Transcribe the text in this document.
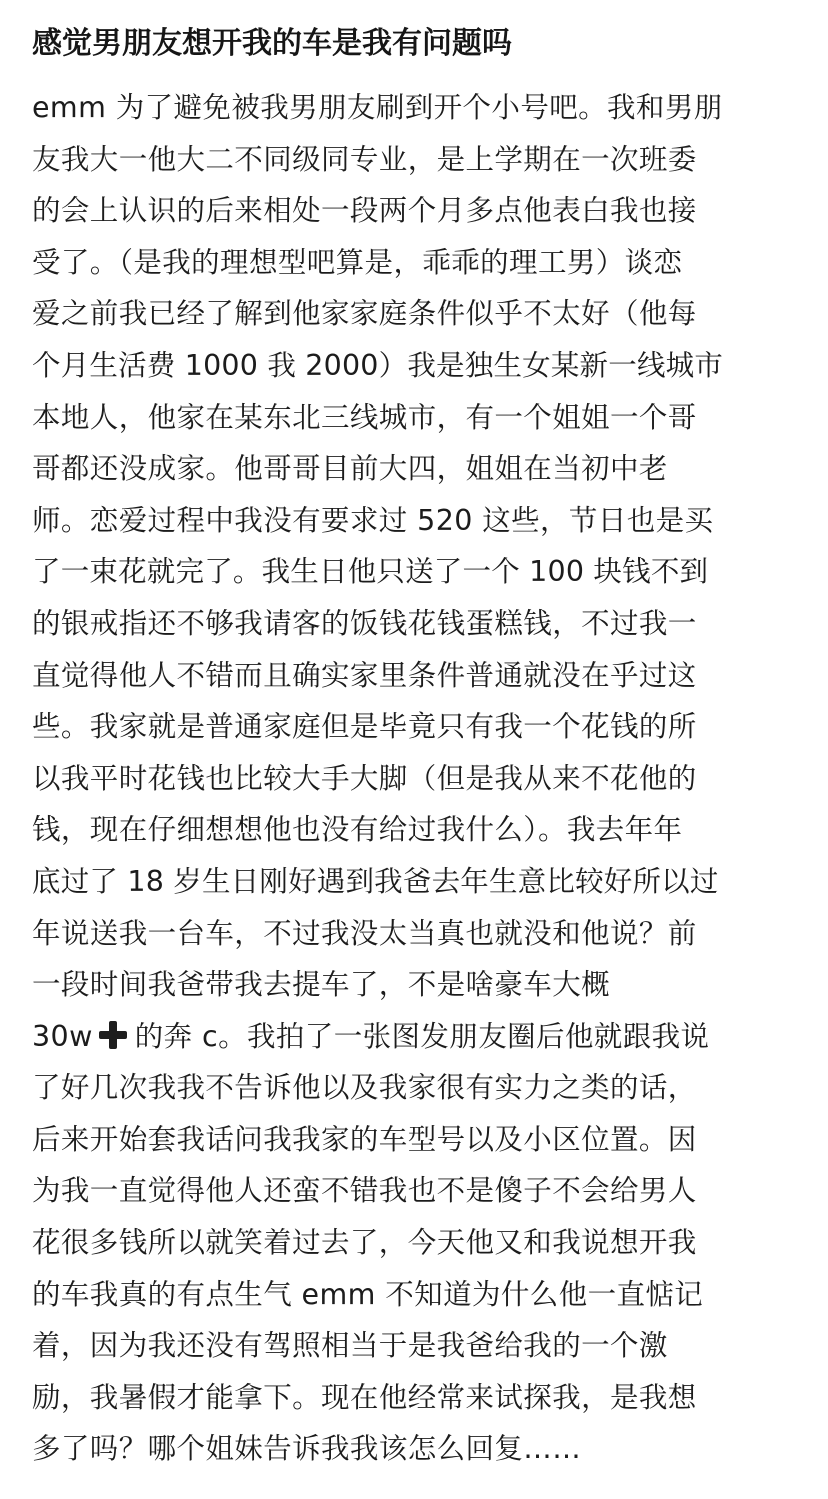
感觉男朋友想开我的车是我有问题吗
emm 为了避免被我男朋友刷到开个小号吧。我和男朋
友我大一他大二不同级同专业，是上学期在一次班委
的会上认识的后来相处一段两个月多点他表白我也接
受了。（是我的理想型吧算是，乖乖的理工男）谈恋
爱之前我已经了解到他家家庭条件似乎不太好（他每
个月生活费 1000 我 2000）我是独生女某新一线城市
本地人，他家在某东北三线城市，有一个姐姐一个哥
哥都还没成家。他哥哥目前大四，姐姐在当初中老
师。恋爱过程中我没有要求过 520 这些，节日也是买
了一束花就完了。我生日他只送了一个 100 块钱不到
的银戒指还不够我请客的饭钱花钱蛋糕钱，不过我一
直觉得他人不错而且确实家里条件普通就没在乎过这
些。我家就是普通家庭但是毕竟只有我一个花钱的所
以我平时花钱也比较大手大脚（但是我从来不花他的
钱，现在仔细想想他也没有给过我什么）。我去年年
底过了 18 岁生日刚好遇到我爸去年生意比较好所以过
年说送我一台车，不过我没太当真也就没和他说？前
一段时间我爸带我去提车了，不是啥豪车大概
30w 的奔 c。我拍了一张图发朋友圈后他就跟我说
了好几次我我不告诉他以及我家很有实力之类的话，
后来开始套我话问我我家的车型号以及小区位置。因
为我一直觉得他人还蛮不错我也不是傻子不会给男人
花很多钱所以就笑着过去了，今天他又和我说想开我
的车我真的有点生气 emm 不知道为什么他一直惦记
着，因为我还没有驾照相当于是我爸给我的一个激
励，我暑假才能拿下。现在他经常来试探我，是我想
多了吗？哪个姐妹告诉我我该怎么回复……
